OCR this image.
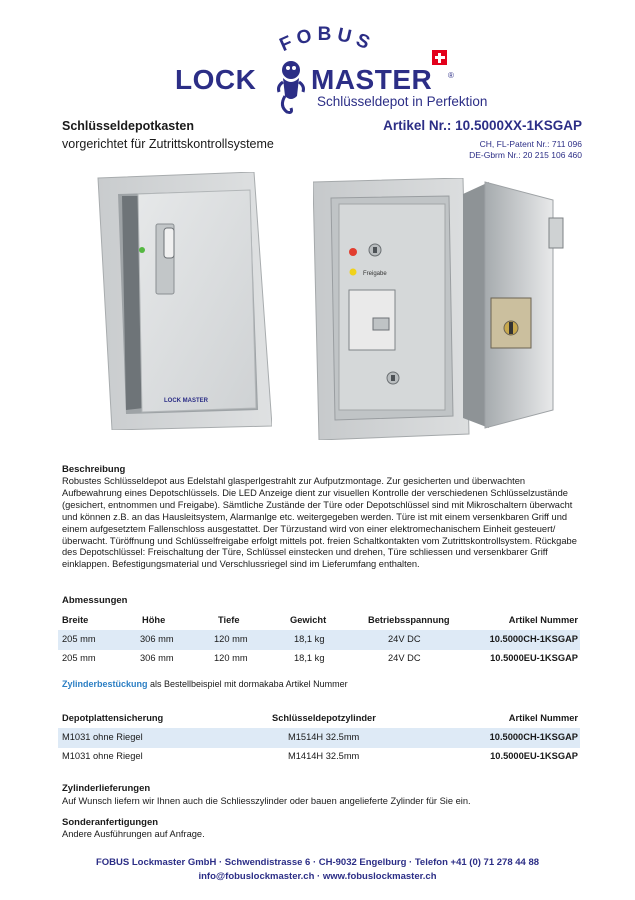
FOBUS
LOCK MASTER ®
Schlüsseldepot in Perfektion
Schlüsseldepotkasten
vorgerichtet für Zutrittskontrollsysteme
Artikel Nr.: 10.5000XX-1KSGAP
CH, FL-Patent Nr.: 711 096
DE-Gbrm Nr.: 20 215 106 460
LOCK MASTER
Freigabe
Beschreibung
Robustes Schlüsseldepot aus Edelstahl glasperlgestrahlt zur Aufputzmontage. Zur gesicherten und überwachten Aufbewahrung eines Depotschlüssels. Die LED Anzeige dient zur visuellen Kontrolle der verschiedenen Schlüsselzustände (gesichert, entnommen und Freigabe). Sämtliche Zustände der Türe oder Depotschlüssel sind mit Mikroschaltern überwacht und können z.B. an das Hausleitsystem, Alarmanlge etc. weitergegeben werden. Türe ist mit einem versenkbaren Griff und einem aufgesetztem Fallenschloss ausgestattet. Der Türzustand wird von einer elektromechanischem Einheit gesteuert/überwacht. Türöffnung und Schlüsselfreigabe erfolgt mittels pot. freien Schaltkontakten vom Zutrittskontrollsystem. Rückgabe des Depotschlüssel: Freischaltung der Türe, Schlüssel einstecken und drehen, Türe schliessen und versenkbarer Griff einklappen. Befestigungsmaterial und Verschlussriegel sind im Lieferumfang enthalten.
Abmessungen
Breite	Höhe	Tiefe	Gewicht	Betriebsspannung	Artikel Nummer
205 mm	306 mm	120 mm	18,1 kg	24V DC	10.5000CH-1KSGAP
205 mm	306 mm	120 mm	18,1 kg	24V DC	10.5000EU-1KSGAP
Zylinderbestückung als Bestellbeispiel mit dormakaba Artikel Nummer
Depotplattensicherung	Schlüsseldepotzylinder	Artikel Nummer
M1031 ohne Riegel	M1514H 32.5mm	10.5000CH-1KSGAP
M1031 ohne Riegel	M1414H 32.5mm	10.5000EU-1KSGAP
Zylinderlieferungen
Auf Wunsch liefern wir Ihnen auch die Schliesszylinder oder bauen angelieferte Zylinder für Sie ein.
Sonderanfertigungen
Andere Ausführungen auf Anfrage.
FOBUS Lockmaster GmbH · Schwendistrasse 6 · CH-9032 Engelburg · Telefon +41 (0) 71 278 44 88
info@fobuslockmaster.ch · www.fobuslockmaster.ch
